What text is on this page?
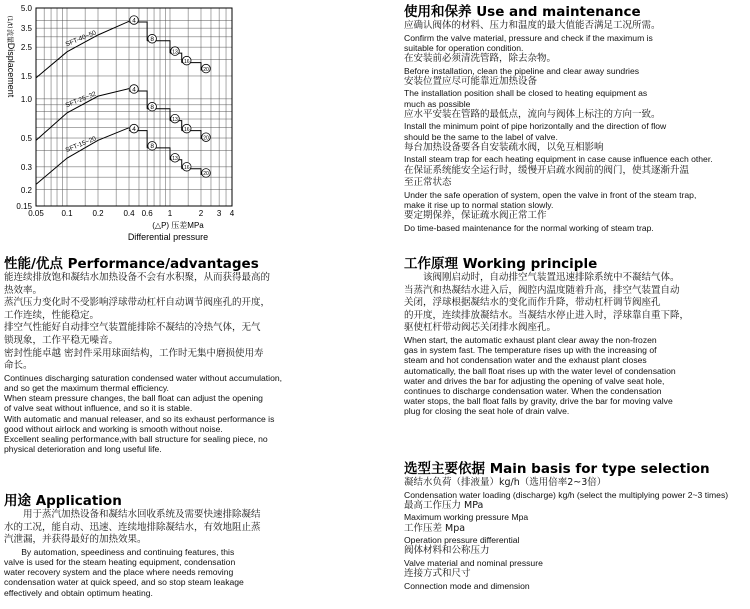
5.0
3.5
2.5
1.5
1.0
0.5
0.3
0.2
0.15
0.05 0.1 0.2 0.4 0.6 1	2 3 4
(△P) 压差MPa
Differential pressure
Displacement
(1/t)
流量	SFT-40~50
SFT-25~32
SFT-15~20
4
8
13
16
20
4
8
13
16
20
4
8
13
16
20
使用和保养 Use and maintenance
应确认阀体的材料、压力和温度的最大值能否满足工况所需。
Confirm the valve material, pressure and check if the maximum is
suitable for operation condition.
在安装前必须清洗管路，除去杂物。
Before installation, clean the pipeline and clear away sundries
安装位置应尽可能靠近加热设备
The installation position shall be closed to heating equipment as
much as possible
应水平安装在管路的最低点，流向与阀体上标注的方向一致。
Install the minimum point of pipe horizontally and the direction of flow
should be the same to the label of valve.
每台加热设备要各自安装疏水阀，以免互相影响
Install steam trap for each heating equipment in case cause influence each other.
在保证系统能安全运行时，缓慢开启疏水阀前的阀门，使其逐渐升温
至正常状态
Under the safe operation of system, open the valve in front of the steam trap,
make it rise up to normal station slowly.
要定期保养，保证疏水阀正常工作
Do time-based maintenance for the normal working of steam trap.
性能/优点 Performance/advantages
能连续排放饱和凝结水加热设备不会有水积聚，从而获得最高的
热效率。
蒸汽压力变化时不受影响浮球带动杠杆自动调节阀座孔的开度，
工作连续，性能稳定。
排空气性能好自动排空气装置能排除不凝结的冷热气体，无气
锁现象，工作平稳无噪音。
密封性能卓越 密封件采用球面结构，工作时无集中磨损使用寿
命长。
Continues discharging saturation condensed water without accumulation,
and so get the maximum thermal efficiency.
When steam pressure changes, the ball float can adjust the opening
of valve seat without influence, and so it is stable.
With automatic and manual releaser, and so its exhaust performance is
good without airlock and working is smooth without noise.
Excellent sealing performance,with ball structure for sealing piece, no
physical deterioration and long useful life.
用途 Application
　　用于蒸汽加热设备和凝结水回收系统及需要快速排除凝结
水的工况，能自动、迅速、连续地排除凝结水，有效地阻止蒸
汽泄漏，并获得最好的加热效果。
　　By automation, speediness and continuing features, this
valve is used for the steam heating equipment, condensation
water recovery system and the place where needs removing
condensation water at quick speed, and so stop steam leakage
effectively and obtain optimum heating.
工作原理 Working principle
　　该阀刚启动时，自动排空气装置迅速排除系统中不凝结气体。
当蒸汽和热凝结水进入后，阀腔内温度随着升高，排空气装置自动
关闭，浮球根据凝结水的变化而作升降，带动杠杆调节阀座孔
的开度，连续排放凝结水。当凝结水停止进入时，浮球靠自重下降，
驱使杠杆带动阀芯关闭排水阀座孔。
When start, the automatic exhaust plant clear away the non-frozen
gas in system fast. The temperature rises up with the increasing of
steam and hot condensation water and the exhaust plant closes
automatically, the ball float rises up with the water level of condensation
water and drives the bar for adjusting the opening of valve seat hole,
continues to discharge condensation water. When the condensation
water stops, the ball float falls by gravity, drive the bar for moving valve
plug for closing the seat hole of drain valve.
选型主要依据 Main basis for type selection
凝结水负荷（排液量）kg/h（选用倍率2~3倍）
Condensation water loading (discharge) kg/h (select the multiplying power 2~3 times)
最高工作压力 MPa
Maximum working pressure Mpa
工作压差 Mpa
Operation pressure differential
阀体材料和公称压力
Valve material and nominal pressure
连接方式和尺寸
Connection mode and dimension
